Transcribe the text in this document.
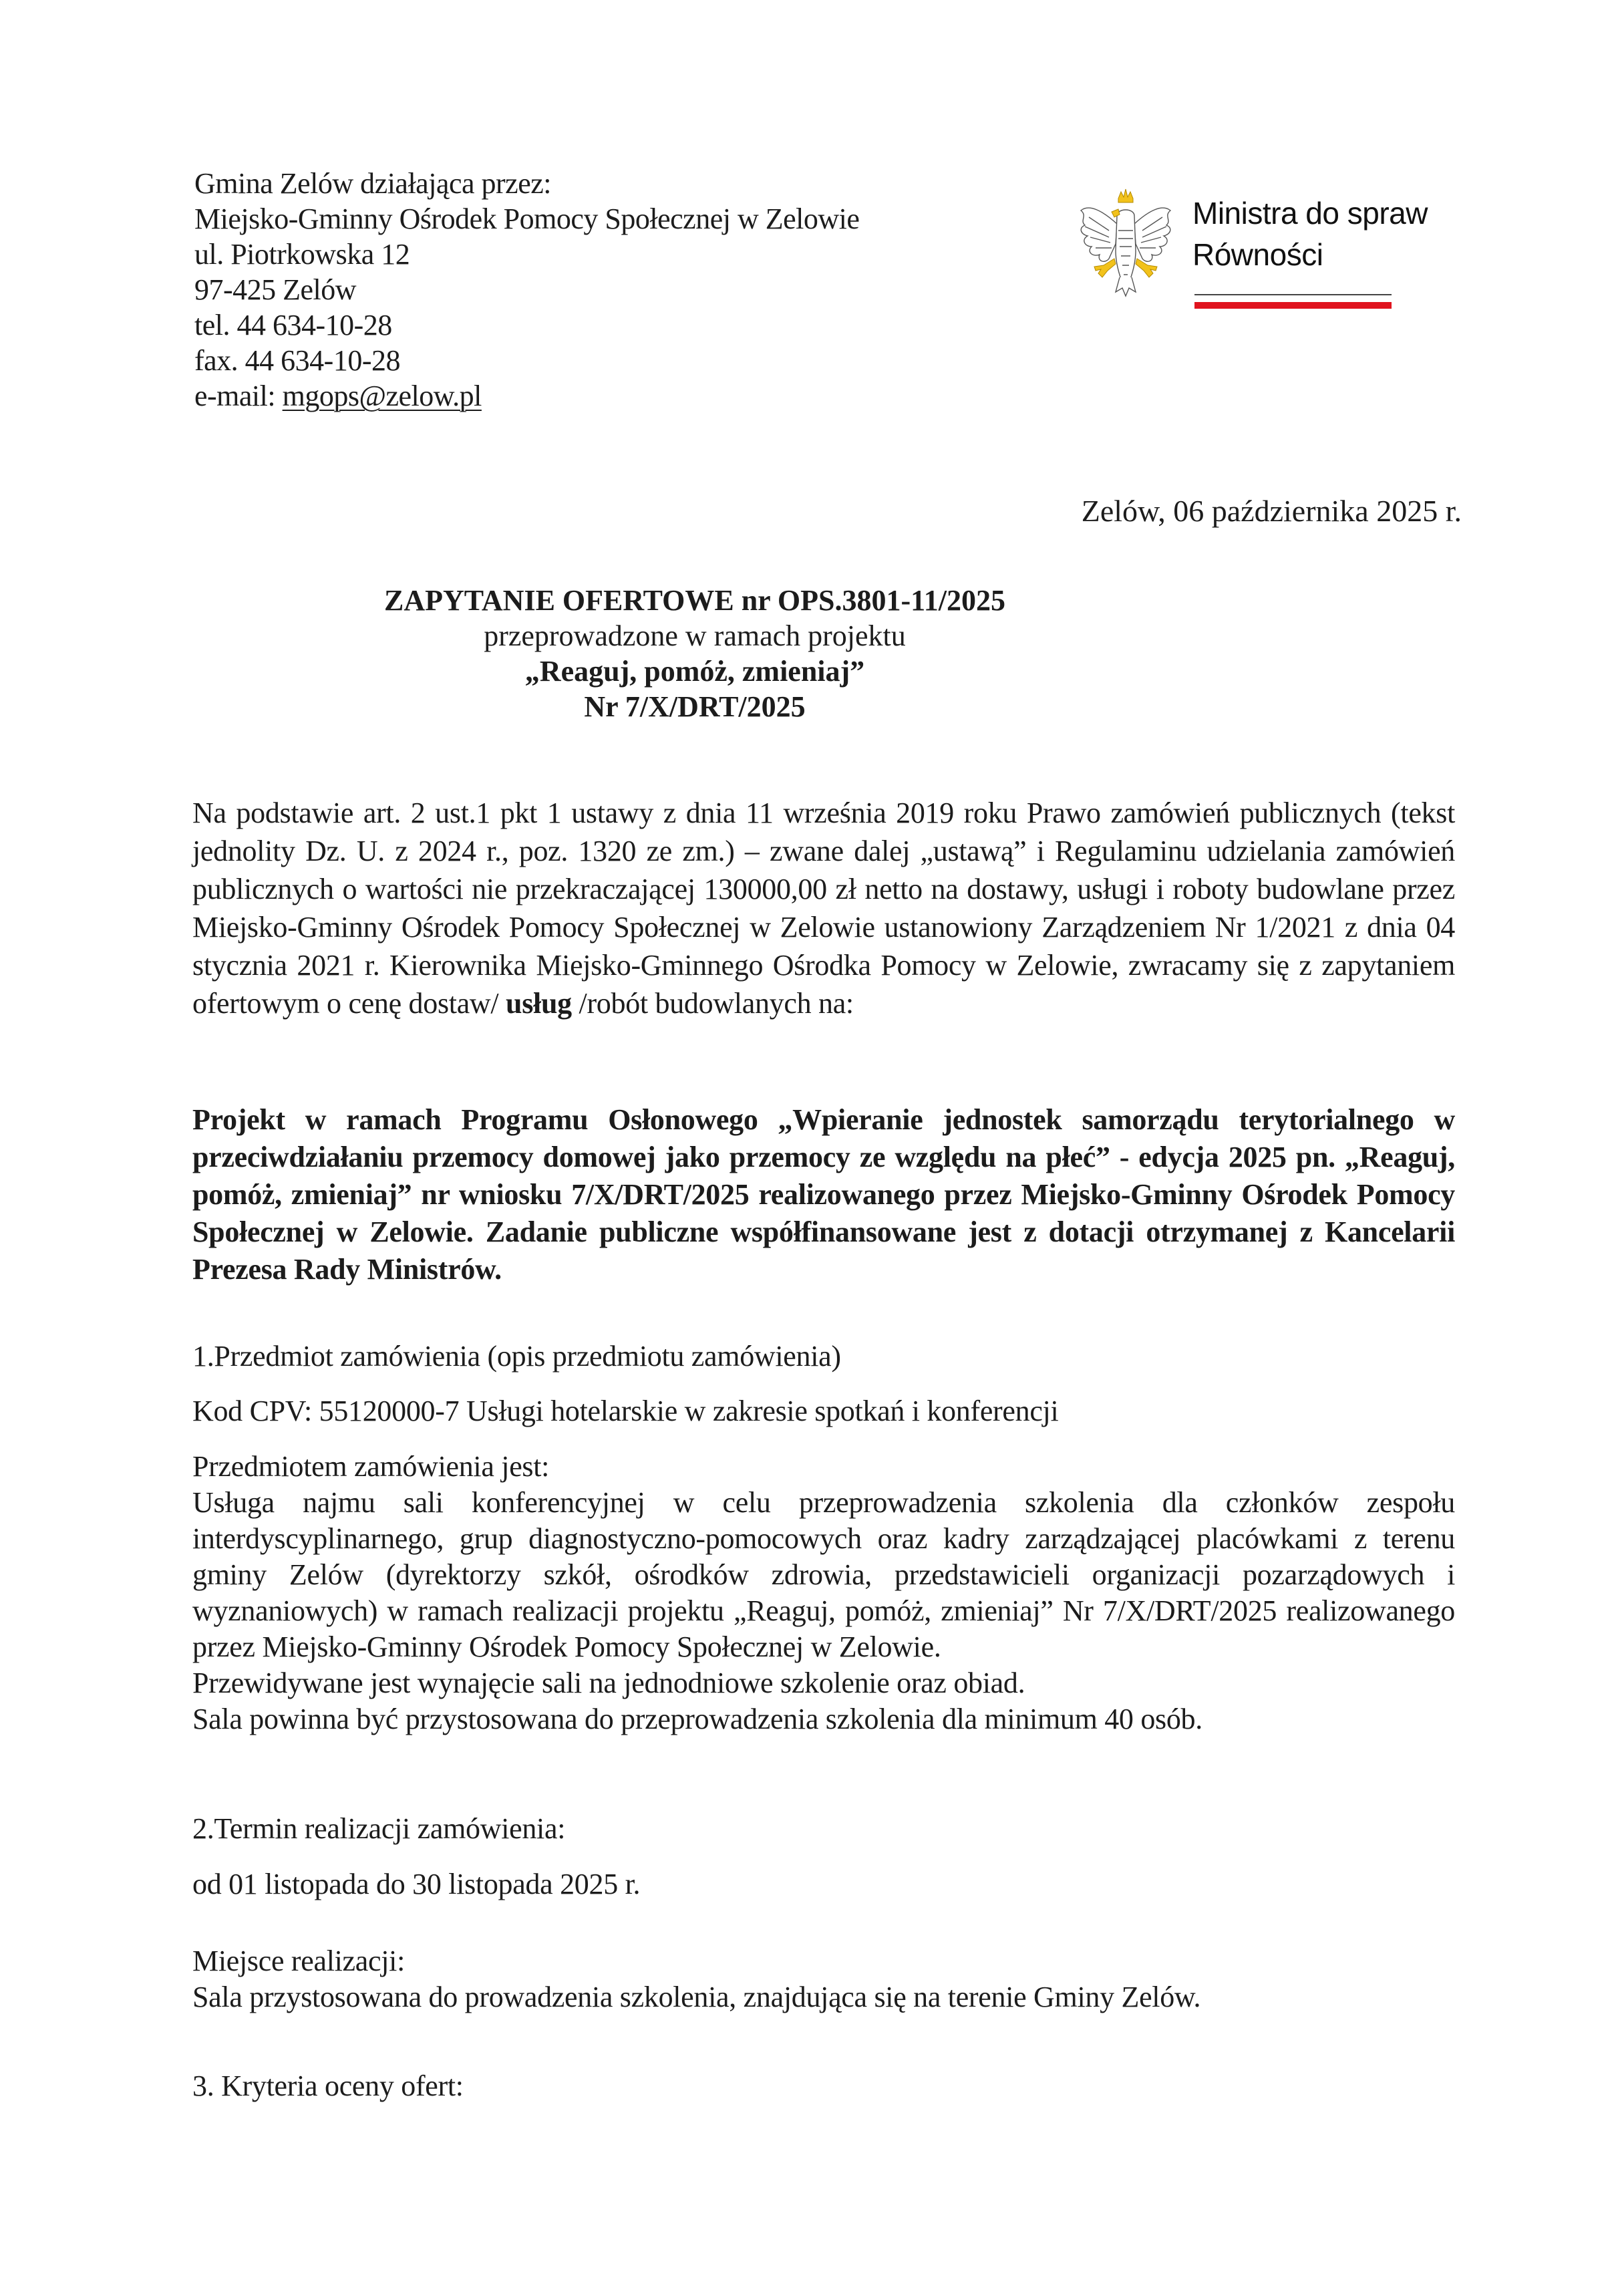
Gmina Zelów działająca przez:
Miejsko-Gminny Ośrodek Pomocy Społecznej w Zelowie
ul. Piotrkowska 12
97-425 Zelów
tel. 44 634-10-28
fax. 44 634-10-28
e-mail: mgops@zelow.pl
Ministra do spraw
Równości
Zelów, 06 października 2025 r.
ZAPYTANIE OFERTOWE nr OPS.3801-11/2025
przeprowadzone w ramach projektu
„Reaguj, pomóż, zmieniaj”
Nr 7/X/DRT/2025
Na podstawie art. 2 ust.1 pkt 1 ustawy z dnia 11 września 2019 roku Prawo zamówień publicznych (tekst jednolity Dz. U. z 2024 r., poz. 1320 ze zm.) – zwane dalej „ustawą” i Regulaminu udzielania zamówień publicznych o wartości nie przekraczającej 130000,00 zł netto na dostawy, usługi i roboty budowlane przez Miejsko-Gminny Ośrodek Pomocy Społecznej w Zelowie ustanowiony Zarządzeniem Nr 1/2021 z dnia 04 stycznia 2021 r. Kierownika Miejsko-Gminnego Ośrodka Pomocy w Zelowie, zwracamy się z zapytaniem ofertowym o cenę dostaw/ usług /robót budowlanych na:
Projekt w ramach Programu Osłonowego „Wpieranie jednostek samorządu terytorialnego w przeciwdziałaniu przemocy domowej jako przemocy ze względu na płeć” - edycja 2025 pn. „Reaguj, pomóż, zmieniaj” nr wniosku 7/X/DRT/2025 realizowanego przez Miejsko-Gminny Ośrodek Pomocy Społecznej w Zelowie. Zadanie publiczne współfinansowane jest z dotacji otrzymanej z Kancelarii Prezesa Rady Ministrów.
1.Przedmiot zamówienia (opis przedmiotu zamówienia)
Kod CPV: 55120000-7 Usługi hotelarskie w zakresie spotkań i konferencji
Przedmiotem zamówienia jest:
Usługa najmu sali konferencyjnej w celu przeprowadzenia szkolenia dla członków zespołu interdyscyplinarnego, grup diagnostyczno-pomocowych oraz kadry zarządzającej placówkami z terenu gminy Zelów (dyrektorzy szkół, ośrodków zdrowia, przedstawicieli organizacji pozarządowych i wyznaniowych) w ramach realizacji projektu „Reaguj, pomóż, zmieniaj” Nr 7/X/DRT/2025 realizowanego przez Miejsko-Gminny Ośrodek Pomocy Społecznej w Zelowie.
Przewidywane jest wynajęcie sali na jednodniowe szkolenie oraz obiad.
Sala powinna być przystosowana do przeprowadzenia szkolenia dla minimum 40 osób.
2.Termin realizacji zamówienia:
od 01 listopada do 30 listopada 2025 r.
Miejsce realizacji:
Sala przystosowana do prowadzenia szkolenia, znajdująca się na terenie Gminy Zelów.
3. Kryteria oceny ofert:
